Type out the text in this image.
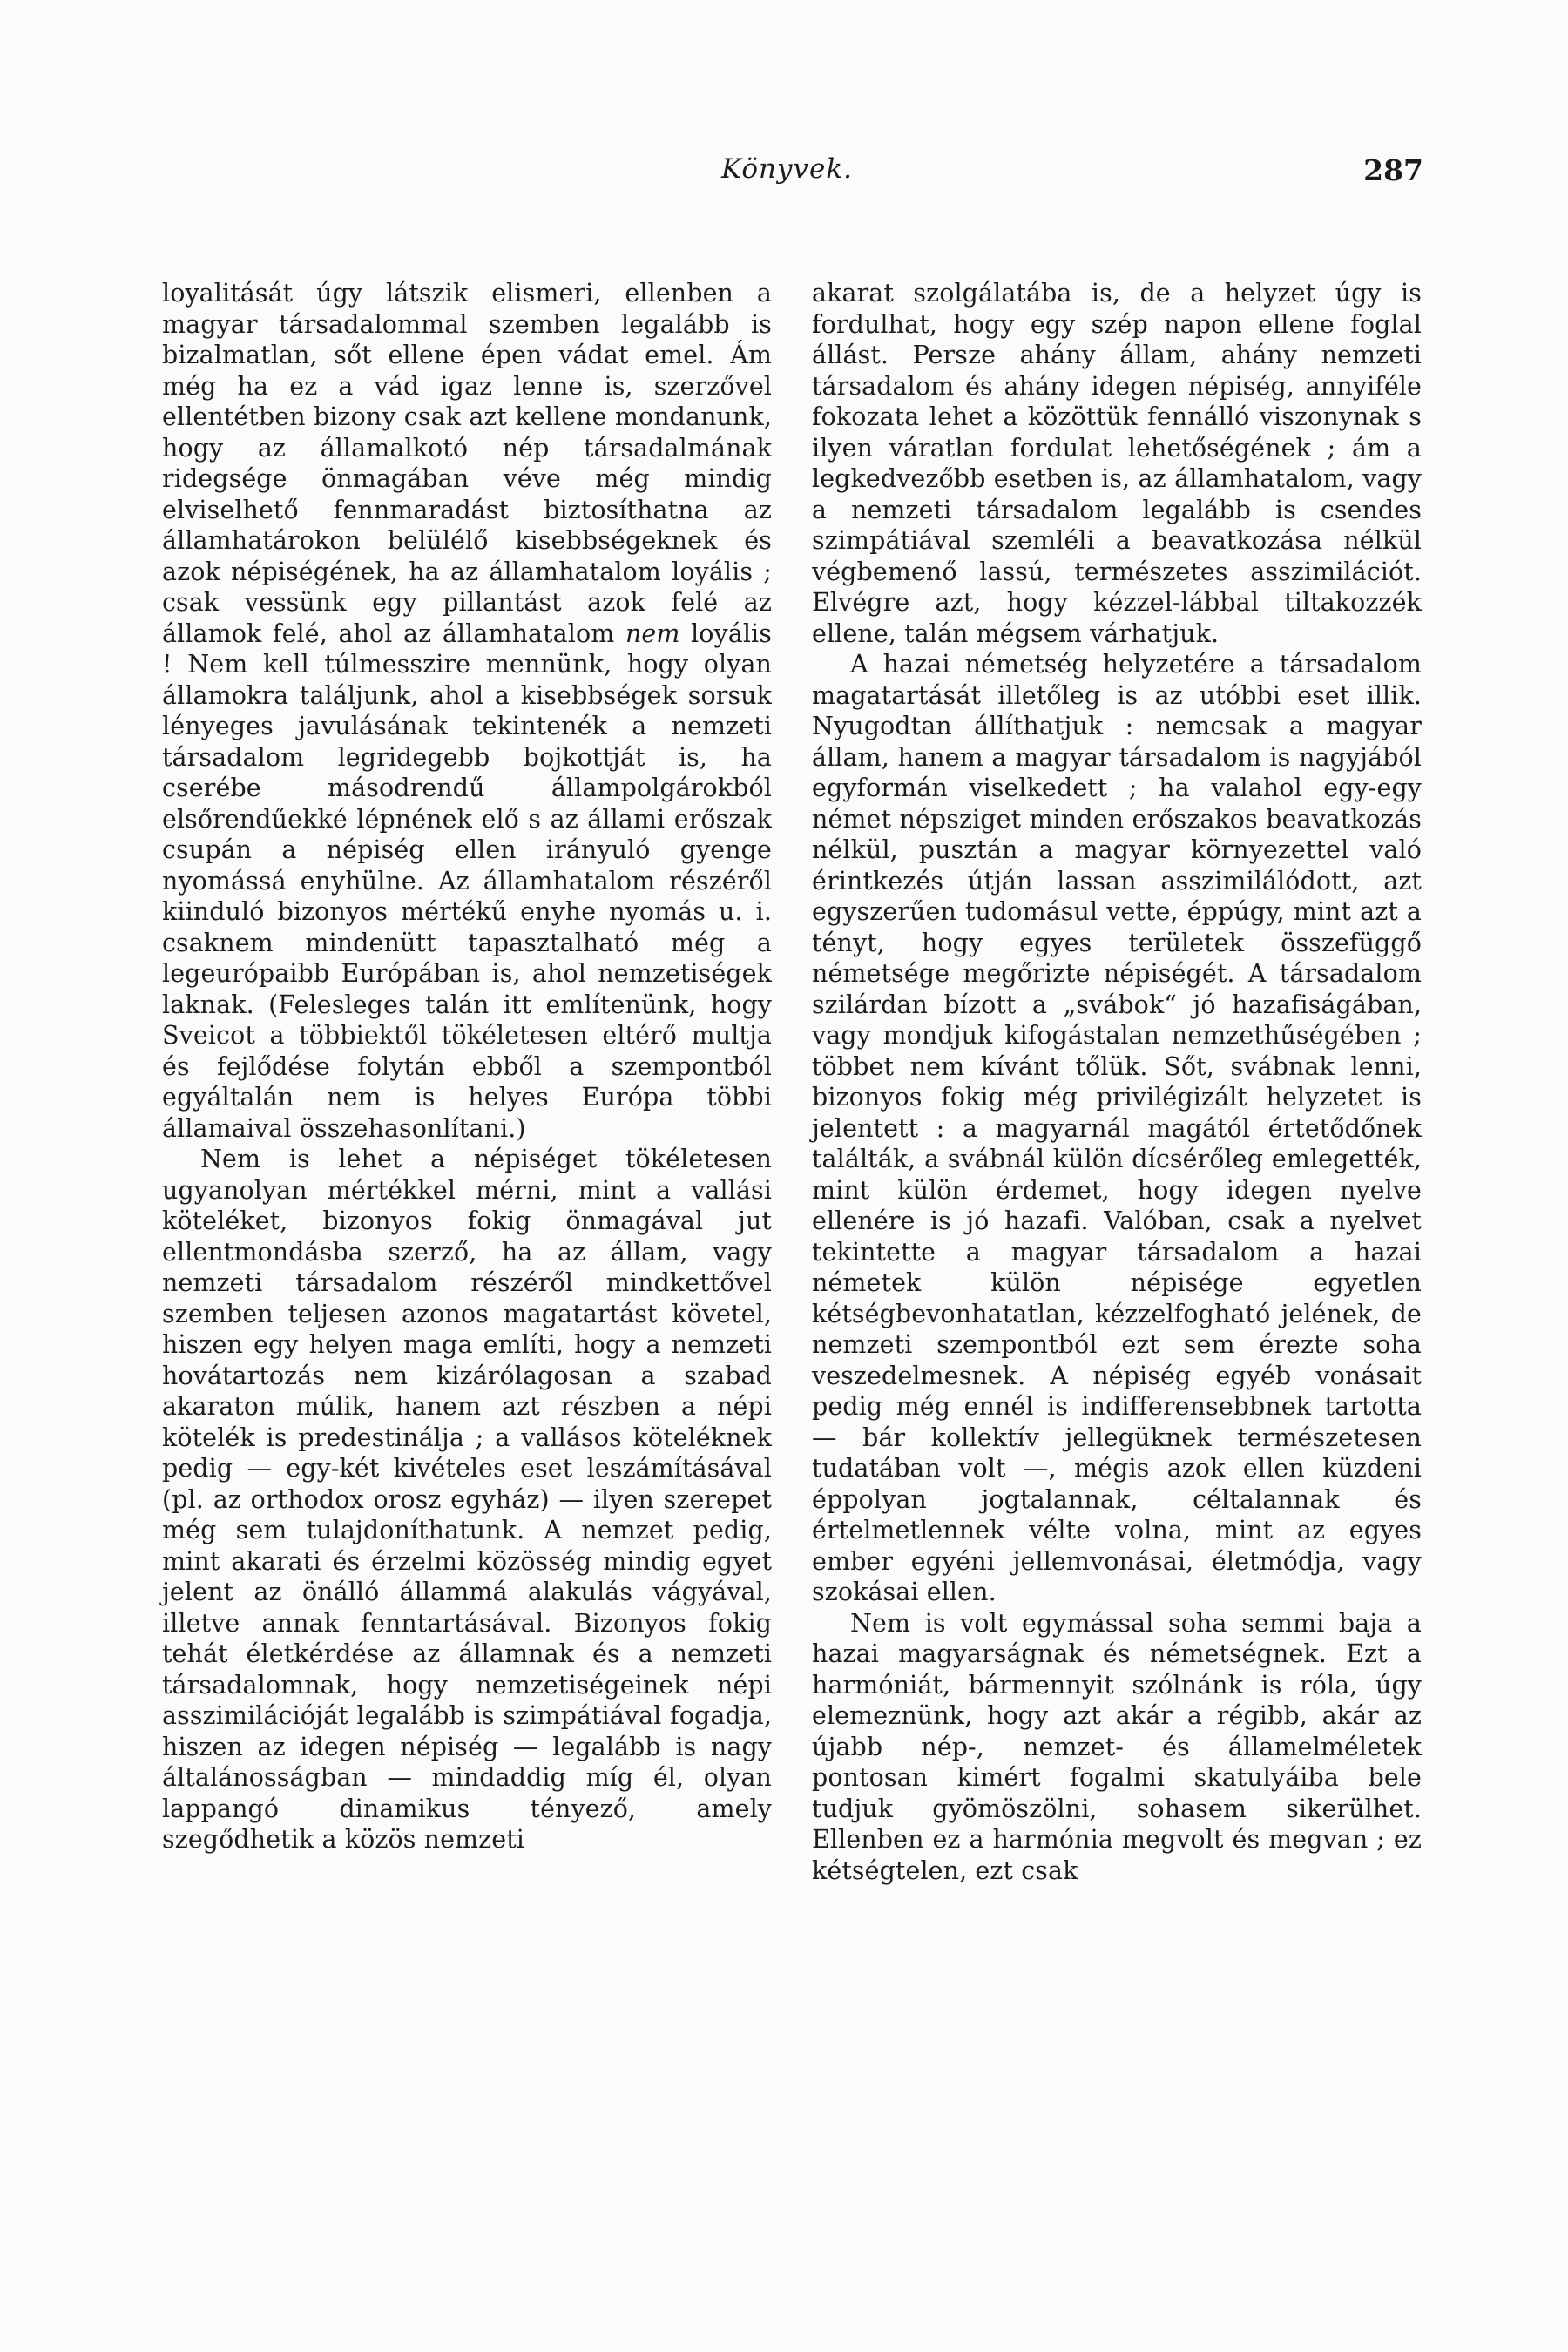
Könyvek.	287

loyalitását úgy látszik elismeri, ellenben a magyar társadalommal szemben legalább is bizalmatlan, sőt ellene épen vádat emel. Ám még ha ez a vád igaz lenne is, szerzővel ellentétben bizony csak azt kellene mondanunk, hogy az államalkotó nép társadalmának ridegsége önmagában véve még mindig elviselhető fennmaradást biztosíthatna az államhatárokon belülélő kisebbségeknek és azok népiségének, ha az államhatalom loyális ; csak vessünk egy pillantást azok felé az államok felé, ahol az államhatalom nem loyális ! Nem kell túlmesszire mennünk, hogy olyan államokra találjunk, ahol a kisebbségek sorsuk lényeges javulásának tekintenék a nemzeti társadalom legridegebb bojkottját is, ha cserébe másodrendű állampolgárokból elsőrendűekké lépnének elő s az állami erőszak csupán a népiség ellen irányuló gyenge nyomássá enyhülne. Az államhatalom részéről kiinduló bizonyos mértékű enyhe nyomás u. i. csaknem mindenütt tapasztalható még a legeurópaibb Európában is, ahol nemzetiségek laknak. (Felesleges talán itt említenünk, hogy Sveicot a többiektől tökéletesen eltérő multja és fejlődése folytán ebből a szempontból egyáltalán nem is helyes Európa többi államaival összehasonlítani.)

Nem is lehet a népiséget tökéletesen ugyanolyan mértékkel mérni, mint a vallási köteléket, bizonyos fokig önmagával jut ellentmondásba szerző, ha az állam, vagy nemzeti társadalom részéről mindkettővel szemben teljesen azonos magatartást követel, hiszen egy helyen maga említi, hogy a nemzeti hovátartozás nem kizárólagosan a szabad akaraton múlik, hanem azt részben a népi kötelék is predestinálja ; a vallásos köteléknek pedig — egy-két kivételes eset leszámításával (pl. az orthodox orosz egyház) — ilyen szerepet még sem tulajdoníthatunk. A nemzet pedig, mint akarati és érzelmi közösség mindig egyet jelent az önálló állammá alakulás vágyával, illetve annak fenntartásával. Bizonyos fokig tehát életkérdése az államnak és a nemzeti társadalomnak, hogy nemzetiségeinek népi asszimilációját legalább is szimpátiával fogadja, hiszen az idegen népiség — legalább is nagy általánosságban — mindaddig míg él, olyan lappangó dinamikus tényező, amely szegődhetik a közös nemzeti

akarat szolgálatába is, de a helyzet úgy is fordulhat, hogy egy szép napon ellene foglal állást. Persze ahány állam, ahány nemzeti társadalom és ahány idegen népiség, annyiféle fokozata lehet a közöttük fennálló viszonynak s ilyen váratlan fordulat lehetőségének ; ám a legkedvezőbb esetben is, az államhatalom, vagy a nemzeti társadalom legalább is csendes szimpátiával szemléli a beavatkozása nélkül végbemenő lassú, természetes asszimilációt. Elvégre azt, hogy kézzel-lábbal tiltakozzék ellene, talán mégsem várhatjuk.

A hazai németség helyzetére a társadalom magatartását illetőleg is az utóbbi eset illik. Nyugodtan állíthatjuk : nemcsak a magyar állam, hanem a magyar társadalom is nagyjából egyformán viselkedett ; ha valahol egy-egy német népsziget minden erőszakos beavatkozás nélkül, pusztán a magyar környezettel való érintkezés útján lassan asszimilálódott, azt egyszerűen tudomásul vette, éppúgy, mint azt a tényt, hogy egyes területek összefüggő németsége megőrizte népiségét. A társadalom szilárdan bízott a „svábok“ jó hazafiságában, vagy mondjuk kifogástalan nemzethűségében ; többet nem kívánt tőlük. Sőt, svábnak lenni, bizonyos fokig még privilégizált helyzetet is jelentett : a magyarnál magától értetődőnek találták, a svábnál külön dícsérőleg emlegették, mint külön érdemet, hogy idegen nyelve ellenére is jó hazafi. Valóban, csak a nyelvet tekintette a magyar társadalom a hazai németek külön népisége egyetlen kétségbevonhatatlan, kézzelfogható jelének, de nemzeti szempontból ezt sem érezte soha veszedelmesnek. A népiség egyéb vonásait pedig még ennél is indifferensebbnek tartotta — bár kollektív jellegüknek természetesen tudatában volt —, mégis azok ellen küzdeni éppolyan jogtalannak, céltalannak és értelmetlennek vélte volna, mint az egyes ember egyéni jellemvonásai, életmódja, vagy szokásai ellen.

Nem is volt egymással soha semmi baja a hazai magyarságnak és németségnek. Ezt a harmóniát, bármennyit szólnánk is róla, úgy elemeznünk, hogy azt akár a régibb, akár az újabb nép-, nemzet- és államelméletek pontosan kimért fogalmi skatulyáiba bele tudjuk gyömöszölni, sohasem sikerülhet. Ellenben ez a harmónia megvolt és megvan ; ez kétségtelen, ezt csak
